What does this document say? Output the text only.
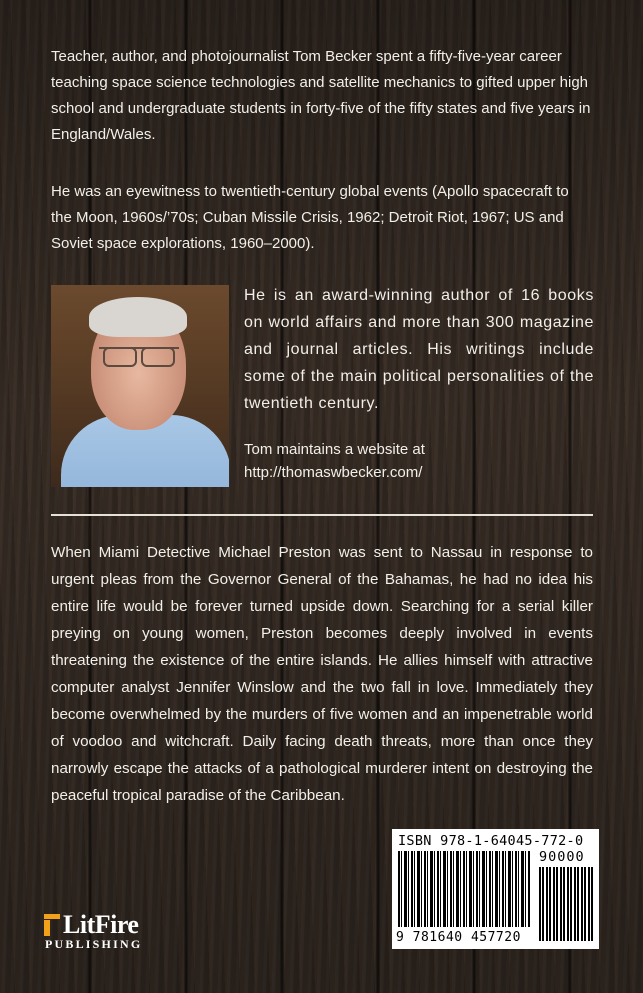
Teacher, author, and photojournalist Tom Becker spent a fifty-five-year career teaching space science technologies and satellite mechanics to gifted upper high school and undergraduate students in forty-five of the fifty states and five years in England/Wales.

He was an eyewitness to twentieth-century global events (Apollo spacecraft to the Moon, 1960s/’70s; Cuban Missile Crisis, 1962; Detroit Riot, 1967; US and Soviet space explorations, 1960–2000).

He is an award-winning author of 16 books on world affairs and more than 300 magazine and journal articles. His writings include some of the main political personalities of the twentieth century.

Tom maintains a website at
http://thomaswbecker.com/

When Miami Detective Michael Preston was sent to Nassau in response to urgent pleas from the Governor General of the Bahamas, he had no idea his entire life would be forever turned upside down. Searching for a serial killer preying on young women, Preston becomes deeply involved in events threatening the existence of the entire islands. He allies himself with attractive computer analyst Jennifer Winslow and the two fall in love. Immediately they become overwhelmed by the murders of five women and an impenetrable world of voodoo and witchcraft. Daily facing death threats, more than once they narrowly escape the attacks of a pathological murderer intent on destroying the peaceful tropical paradise of the Caribbean.

ISBN 978-1-64045-772-0
90000
9 781640 457720
LitFire
PUBLISHING
